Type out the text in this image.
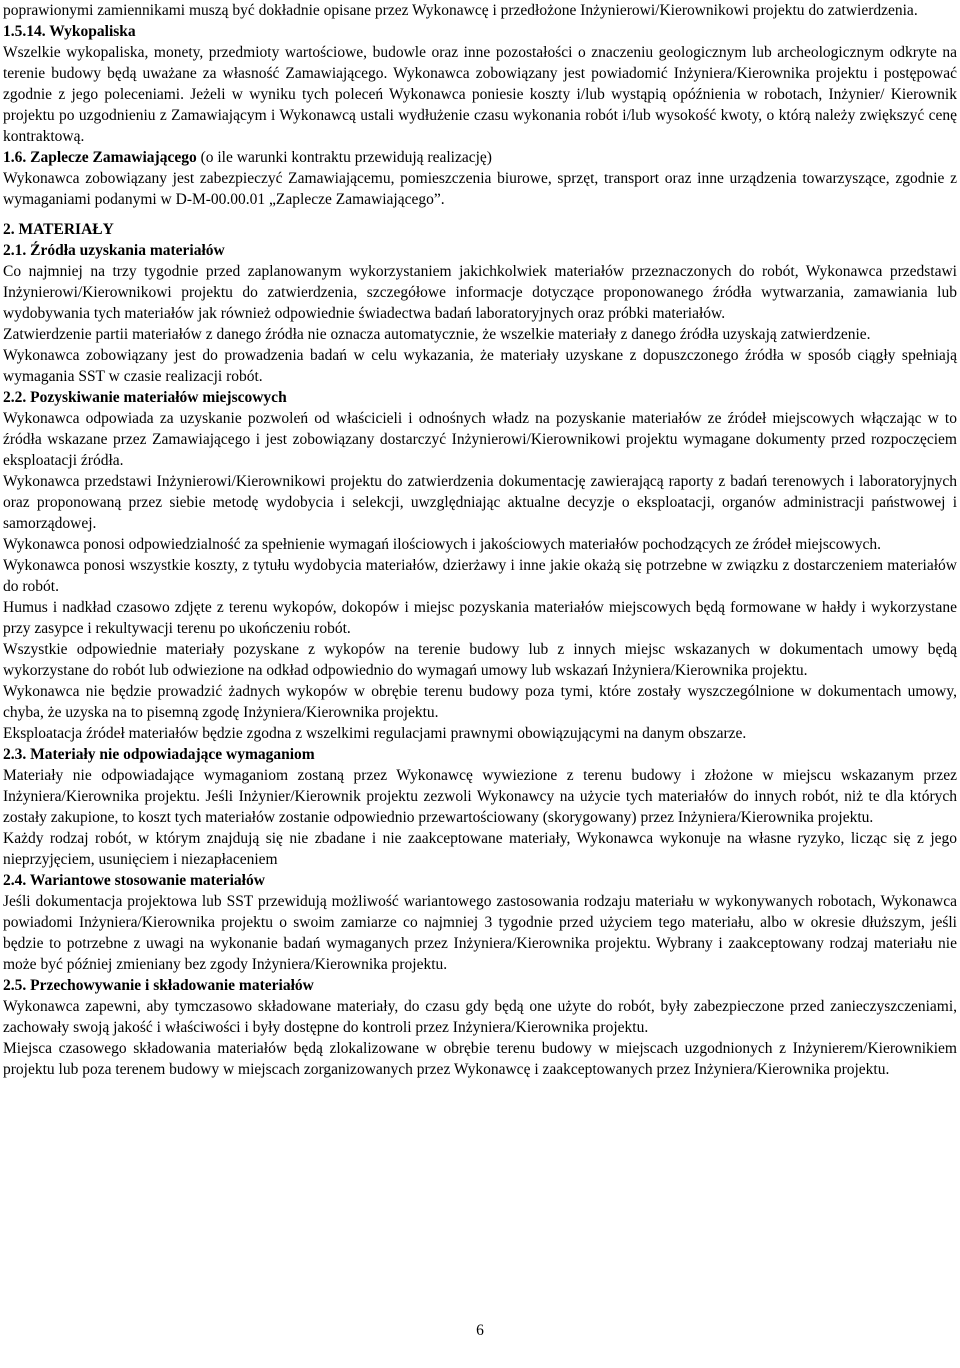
poprawionymi zamiennikami muszą być dokładnie opisane przez Wykonawcę i przedłożone Inżynierowi/Kierownikowi projektu do zatwierdzenia.

1.5.14. Wykopaliska

Wszelkie wykopaliska, monety, przedmioty wartościowe, budowle oraz inne pozostałości o znaczeniu geologicznym lub archeologicznym odkryte na terenie budowy będą uważane za własność Zamawiającego. Wykonawca zobowiązany jest powiadomić Inżyniera/Kierownika projektu i postępować zgodnie z jego poleceniami. Jeżeli w wyniku tych poleceń Wykonawca poniesie koszty i/lub wystąpią opóźnienia w robotach, Inżynier/ Kierownik projektu po uzgodnieniu z Zamawiającym i Wykonawcą ustali wydłużenie czasu wykonania robót i/lub wysokość kwoty, o którą należy zwiększyć cenę kontraktową.

1.6. Zaplecze Zamawiającego (o ile warunki kontraktu przewidują realizację)

Wykonawca zobowiązany jest zabezpieczyć Zamawiającemu, pomieszczenia biurowe, sprzęt, transport oraz inne urządzenia towarzyszące, zgodnie z wymaganiami podanymi w D-M-00.00.01 „Zaplecze Zamawiającego”.

2. MATERIAŁY

2.1. Źródła uzyskania materiałów

Co najmniej na trzy tygodnie przed zaplanowanym wykorzystaniem jakichkolwiek materiałów przeznaczonych do robót, Wykonawca przedstawi Inżynierowi/Kierownikowi projektu do zatwierdzenia, szczegółowe informacje dotyczące proponowanego źródła wytwarzania, zamawiania lub wydobywania tych materiałów jak również odpowiednie świadectwa badań laboratoryjnych oraz próbki materiałów.

Zatwierdzenie partii materiałów z danego źródła nie oznacza automatycznie, że wszelkie materiały z danego źródła uzyskają zatwierdzenie.

Wykonawca zobowiązany jest do prowadzenia badań w celu wykazania, że materiały uzyskane z dopuszczonego źródła w sposób ciągły spełniają wymagania SST w czasie realizacji robót.

2.2. Pozyskiwanie materiałów miejscowych

Wykonawca odpowiada za uzyskanie pozwoleń od właścicieli i odnośnych władz na pozyskanie materiałów ze źródeł miejscowych włączając w to źródła wskazane przez Zamawiającego i jest zobowiązany dostarczyć Inżynierowi/Kierownikowi projektu wymagane dokumenty przed rozpoczęciem eksploatacji źródła.

Wykonawca przedstawi Inżynierowi/Kierownikowi projektu do zatwierdzenia dokumentację zawierającą raporty z badań terenowych i laboratoryjnych oraz proponowaną przez siebie metodę wydobycia i selekcji, uwzględniając aktualne decyzje o eksploatacji, organów administracji państwowej i samorządowej.

Wykonawca ponosi odpowiedzialność za spełnienie wymagań ilościowych i jakościowych materiałów pochodzących ze źródeł miejscowych.

Wykonawca ponosi wszystkie koszty, z tytułu wydobycia materiałów, dzierżawy i inne jakie okażą się potrzebne w związku z dostarczeniem materiałów do robót.

Humus i nadkład czasowo zdjęte z terenu wykopów, dokopów i miejsc pozyskania materiałów miejscowych będą formowane w hałdy i wykorzystane przy zasypce i rekultywacji terenu po ukończeniu robót.

Wszystkie odpowiednie materiały pozyskane z wykopów na terenie budowy lub z innych miejsc wskazanych w dokumentach umowy będą wykorzystane do robót lub odwiezione na odkład odpowiednio do wymagań umowy lub wskazań Inżyniera/Kierownika projektu.

Wykonawca nie będzie prowadzić żadnych wykopów w obrębie terenu budowy poza tymi, które zostały wyszczególnione w dokumentach umowy, chyba, że uzyska na to pisemną zgodę Inżyniera/Kierownika projektu.

Eksploatacja źródeł materiałów będzie zgodna z wszelkimi regulacjami prawnymi obowiązującymi na danym obszarze.

2.3. Materiały nie odpowiadające wymaganiom

Materiały nie odpowiadające wymaganiom zostaną przez Wykonawcę wywiezione z terenu budowy i złożone w miejscu wskazanym przez Inżyniera/Kierownika projektu. Jeśli Inżynier/Kierownik projektu zezwoli Wykonawcy na użycie tych materiałów do innych robót, niż te dla których zostały zakupione, to koszt tych materiałów zostanie odpowiednio przewartościowany (skorygowany) przez Inżyniera/Kierownika projektu.

Każdy rodzaj robót, w którym znajdują się nie zbadane i nie zaakceptowane materiały, Wykonawca wykonuje na własne ryzyko, licząc się z jego nieprzyjęciem, usunięciem i niezapłaceniem

2.4. Wariantowe stosowanie materiałów

Jeśli dokumentacja projektowa lub SST przewidują możliwość wariantowego zastosowania rodzaju materiału w wykonywanych robotach, Wykonawca powiadomi Inżyniera/Kierownika projektu o swoim zamiarze co najmniej 3 tygodnie przed użyciem tego materiału, albo w okresie dłuższym, jeśli będzie to potrzebne z uwagi na wykonanie badań wymaganych przez Inżyniera/Kierownika projektu. Wybrany i zaakceptowany rodzaj materiału nie może być później zmieniany bez zgody Inżyniera/Kierownika projektu.

2.5. Przechowywanie i składowanie materiałów

Wykonawca zapewni, aby tymczasowo składowane materiały, do czasu gdy będą one użyte do robót, były zabezpieczone przed zanieczyszczeniami, zachowały swoją jakość i właściwości i były dostępne do kontroli przez Inżyniera/Kierownika projektu.

Miejsca czasowego składowania materiałów będą zlokalizowane w obrębie terenu budowy w miejscach uzgodnionych z Inżynierem/Kierownikiem projektu lub poza terenem budowy w miejscach zorganizowanych przez Wykonawcę i zaakceptowanych przez Inżyniera/Kierownika projektu.

6
